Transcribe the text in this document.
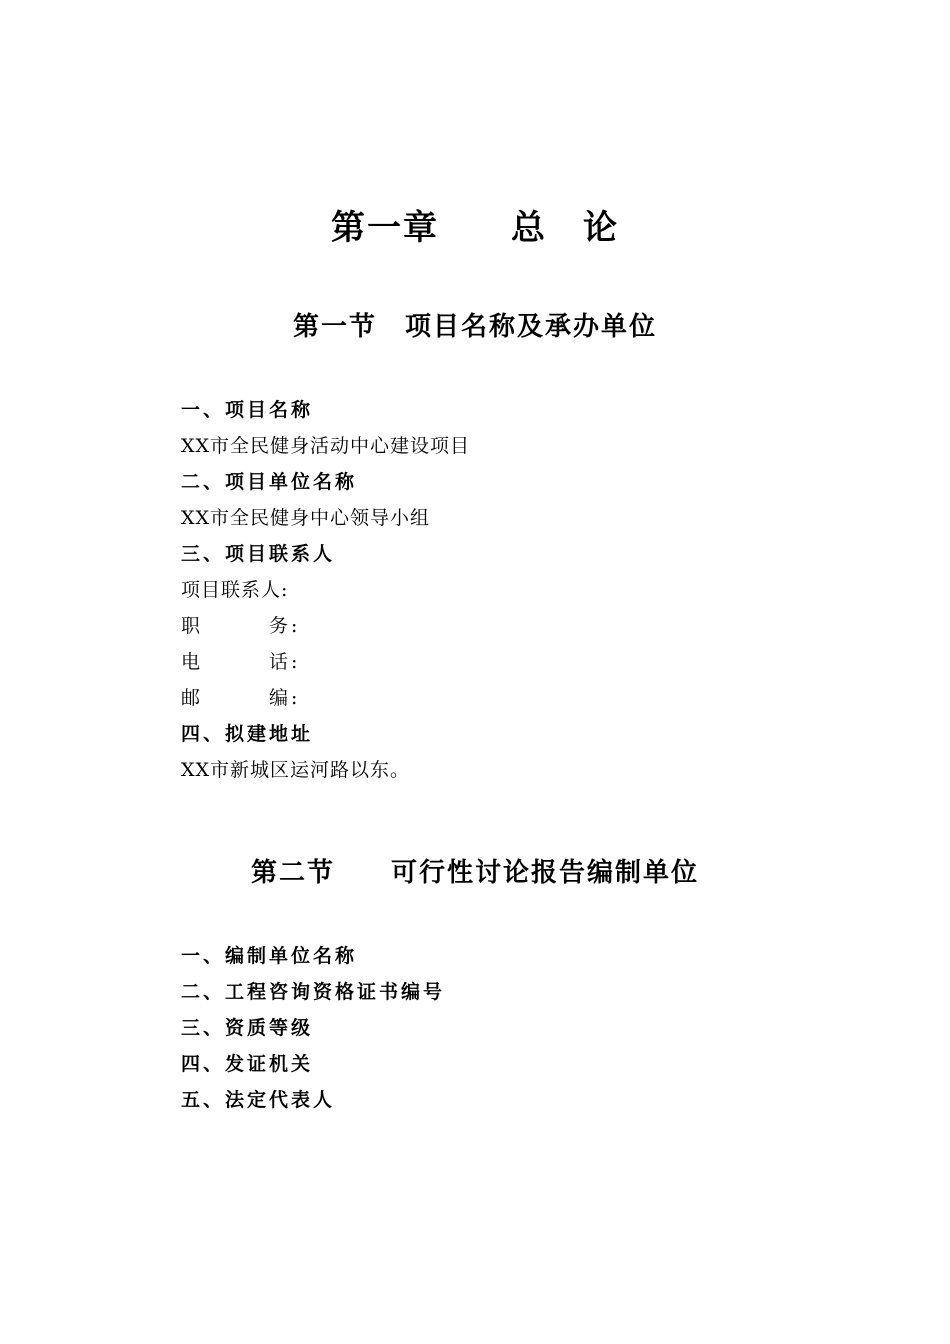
第一章　　总　论
第一节　项目名称及承办单位
一、项目名称
XX市全民健身活动中心建设项目
二、项目单位名称
XX市全民健身中心领导小组
三、项目联系人
项目联系人:
职	务 :
电	话 :
邮	编 :
四、拟建地址
XX市新城区运河路以东。
第二节　　可行性讨论报告编制单位
一、编制单位名称
二、工程咨询资格证书编号
三、资质等级
四、发证机关
五、法定代表人
